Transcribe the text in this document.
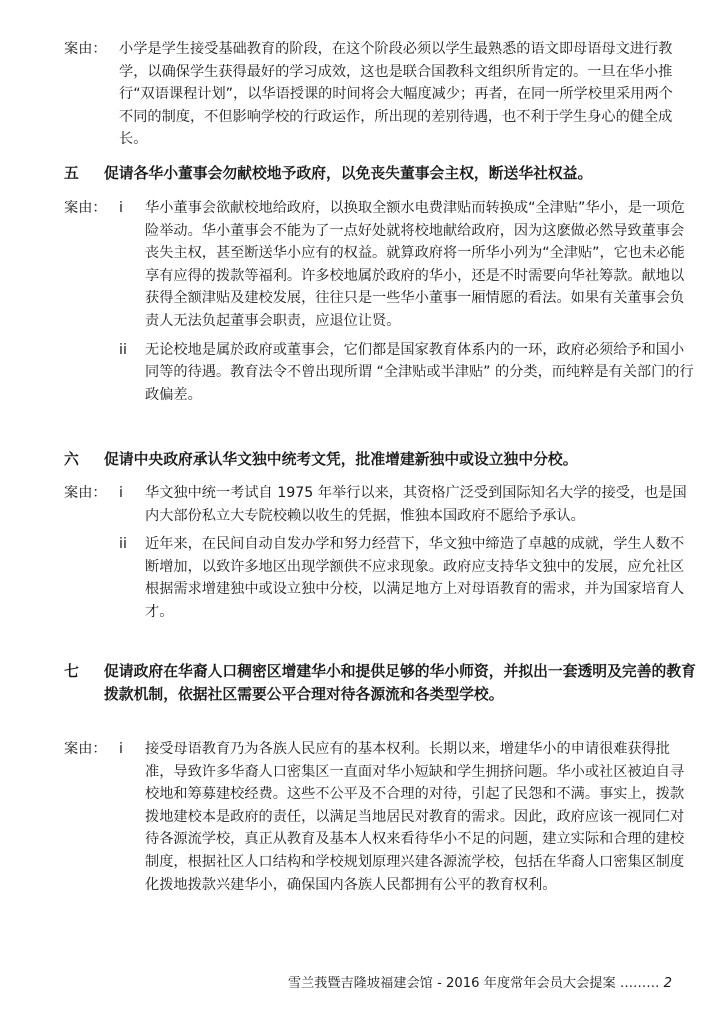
案由： 小学是学生接受基础教育的阶段，在这个阶段必须以学生最熟悉的语文即母语母文进行教学，以确保学生获得最好的学习成效，这也是联合国教科文组织所肯定的。一旦在华小推行“双语课程计划”，以华语授课的时间将会大幅度减少；再者，在同一所学校里采用两个不同的制度，不但影响学校的行政运作，所出现的差别待遇，也不利于学生身心的健全成长。

五	促请各华小董事会勿献校地予政府，以免丧失董事会主权，断送华社权益。
案由： i	华小董事会欲献校地给政府，以换取全额水电费津贴而转换成“全津贴”华小，是一项危险举动。华小董事会不能为了一点好处就将校地献给政府，因为这麽做必然导致董事会丧失主权，甚至断送华小应有的权益。就算政府将一所华小列为“全津贴”，它也未必能享有应得的拨款等福利。许多校地属於政府的华小，还是不时需要向华社筹款。献地以获得全额津贴及建校发展，往往只是一些华小董事一厢情愿的看法。如果有关董事会负责人无法负起董事会职责，应退位让贤。

ii	无论校地是属於政府或董事会，它们都是国家教育体系内的一环，政府必须给予和国小同等的待遇。教育法令不曾出现所谓 “全津贴或半津贴” 的分类，而纯粹是有关部门的行政偏差。

六	促请中央政府承认华文独中统考文凭，批准增建新独中或设立独中分校。
案由： i	华文独中统一考试自 1975 年举行以来，其资格广泛受到国际知名大学的接受，也是国内大部份私立大专院校赖以收生的凭据，惟独本国政府不愿给予承认。

ii	近年来，在民间自动自发办学和努力经营下，华文独中缔造了卓越的成就，学生人数不断增加，以致许多地区出现学额供不应求现象。政府应支持华文独中的发展，应允社区根据需求增建独中或设立独中分校，以满足地方上对母语教育的需求，并为国家培育人才。

七	促请政府在华裔人口稠密区增建华小和提供足够的华小师资，并拟出一套透明及完善的教育拨款机制，依据社区需要公平合理对待各源流和各类型学校。
案由： i	接受母语教育乃为各族人民应有的基本权利。长期以来，增建华小的申请很难获得批准，导致许多华裔人口密集区一直面对华小短缺和学生拥挤问题。华小或社区被迫自寻校地和筹募建校经费。这些不公平及不合理的对待，引起了民怨和不满。事实上，拨款拨地建校本是政府的责任，以满足当地居民对教育的需求。因此，政府应该一视同仁对待各源流学校，真正从教育及基本人权来看待华小不足的问题，建立实际和合理的建校制度，根据社区人口结构和学校规划原理兴建各源流学校，包括在华裔人口密集区制度化拨地拨款兴建华小，确保国内各族人民都拥有公平的教育权利。

雪兰莪暨吉隆坡福建会馆 - 2016 年度常年会员大会提案 ……… 2
